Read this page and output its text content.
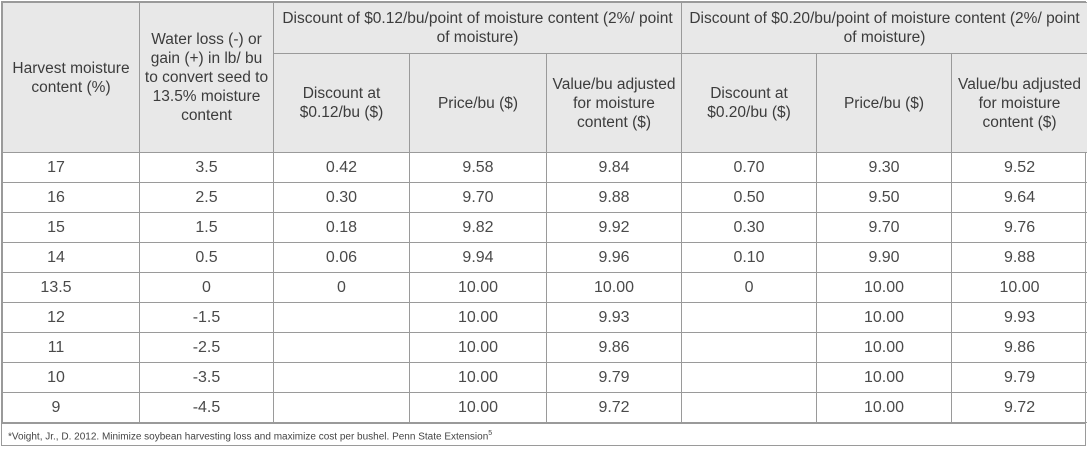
Harvest moisture content (%)	Water loss (-) or gain (+) in lb/ bu to convert seed to 13.5% moisture content	Discount of $0.12/bu/point of moisture content (2%/ point of moisture)			Discount of $0.20/bu/point of moisture content (2%/ point of moisture)		
		Discount at $0.12/bu ($)	Price/bu ($)	Value/bu adjusted for moisture content ($)	Discount at $0.20/bu ($)	Price/bu ($)	Value/bu adjusted for moisture content ($)
17	3.5	0.42	9.58	9.84	0.70	9.30	9.52
16	2.5	0.30	9.70	9.88	0.50	9.50	9.64
15	1.5	0.18	9.82	9.92	0.30	9.70	9.76
14	0.5	0.06	9.94	9.96	0.10	9.90	9.88
13.5	0	0	10.00	10.00	0	10.00	10.00
12	-1.5		10.00	9.93		10.00	9.93
11	-2.5		10.00	9.86		10.00	9.86
10	-3.5		10.00	9.79		10.00	9.79
9	-4.5		10.00	9.72		10.00	9.72
*Voight, Jr., D. 2012. Minimize soybean harvesting loss and maximize cost per bushel. Penn State Extension$^5$
